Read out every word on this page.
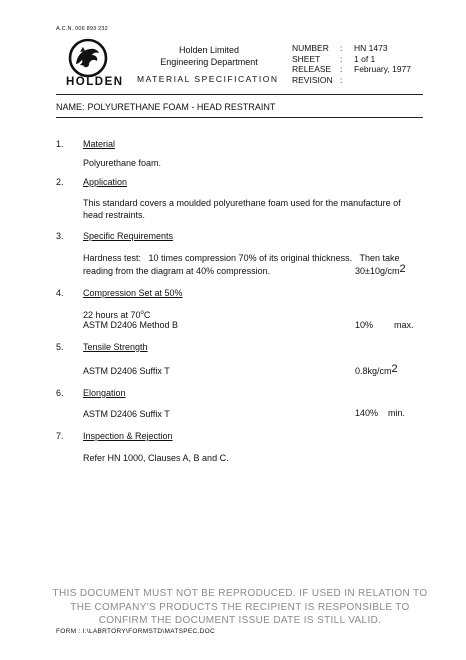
A.C.N. 006 893 232
HOLDEN
Holden Limited
Engineering Department
MATERIAL SPECIFICATION
NUMBER	:	HN 1473
SHEET	:	1 of 1
RELEASE	:	February, 1977
REVISION :
NAME: POLYURETHANE FOAM - HEAD RESTRAINT
1. Material
Polyurethane foam.
2. Application
This standard covers a moulded polyurethane foam used for the manufacture of head restraints.
3. Specific Requirements
Hardness test:   10 times compression 70% of its original thickness.   Then take
reading from the diagram at 40% compression.	30±10g/cm2
4. Compression Set at 50%
22 hours at 70$^o$C
ASTM D2406 Method B	10% max.
5. Tensile Strength
ASTM D2406 Suffix T	0.8kg/cm2
6. Elongation
ASTM D2406 Suffix T	140% min.
7. Inspection & Rejection
Refer HN 1000, Clauses A, B and C.
THIS DOCUMENT MUST NOT BE REPRODUCED. IF USED IN RELATION TO
THE COMPANY'S PRODUCTS THE RECIPIENT IS RESPONSIBLE TO
CONFIRM THE DOCUMENT ISSUE DATE IS STILL VALID.
FORM : I:\LABRTORY\FORMSTD\MATSPEC.DOC
